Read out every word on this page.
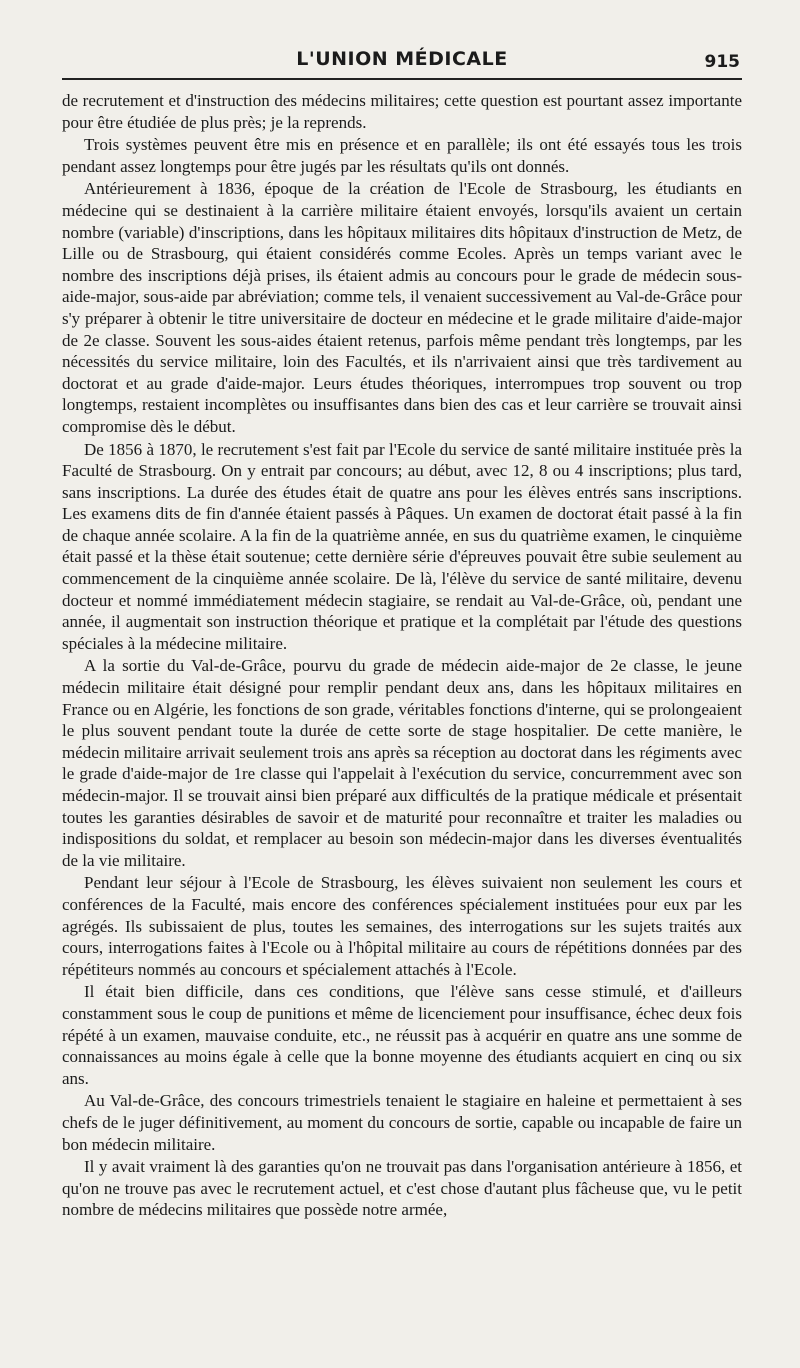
L'UNION MÉDICALE	915

de recrutement et d'instruction des médecins militaires; cette question est pourtant assez importante pour être étudiée de plus près; je la reprends.

Trois systèmes peuvent être mis en présence et en parallèle; ils ont été essayés tous les trois pendant assez longtemps pour être jugés par les résultats qu'ils ont donnés.

Antérieurement à 1836, époque de la création de l'Ecole de Strasbourg, les étudiants en médecine qui se destinaient à la carrière militaire étaient envoyés, lorsqu'ils avaient un certain nombre (variable) d'inscriptions, dans les hôpitaux militaires dits hôpitaux d'instruction de Metz, de Lille ou de Strasbourg, qui étaient considérés comme Ecoles. Après un temps variant avec le nombre des inscriptions déjà prises, ils étaient admis au concours pour le grade de médecin sous-aide-major, sous-aide par abréviation; comme tels, il venaient successivement au Val-de-Grâce pour s'y préparer à obtenir le titre universitaire de docteur en médecine et le grade militaire d'aide-major de 2e classe. Souvent les sous-aides étaient retenus, parfois même pendant très longtemps, par les nécessités du service militaire, loin des Facultés, et ils n'arrivaient ainsi que très tardivement au doctorat et au grade d'aide-major. Leurs études théoriques, interrompues trop souvent ou trop longtemps, restaient incomplètes ou insuffisantes dans bien des cas et leur carrière se trouvait ainsi compromise dès le début.

De 1856 à 1870, le recrutement s'est fait par l'Ecole du service de santé militaire instituée près la Faculté de Strasbourg. On y entrait par concours; au début, avec 12, 8 ou 4 inscriptions; plus tard, sans inscriptions. La durée des études était de quatre ans pour les élèves entrés sans inscriptions. Les examens dits de fin d'année étaient passés à Pâques. Un examen de doctorat était passé à la fin de chaque année scolaire. A la fin de la quatrième année, en sus du quatrième examen, le cinquième était passé et la thèse était soutenue; cette dernière série d'épreuves pouvait être subie seulement au commencement de la cinquième année scolaire. De là, l'élève du service de santé militaire, devenu docteur et nommé immédiatement médecin stagiaire, se rendait au Val-de-Grâce, où, pendant une année, il augmentait son instruction théorique et pratique et la complétait par l'étude des questions spéciales à la médecine militaire.

A la sortie du Val-de-Grâce, pourvu du grade de médecin aide-major de 2e classe, le jeune médecin militaire était désigné pour remplir pendant deux ans, dans les hôpitaux militaires en France ou en Algérie, les fonctions de son grade, véritables fonctions d'interne, qui se prolongeaient le plus souvent pendant toute la durée de cette sorte de stage hospitalier. De cette manière, le médecin militaire arrivait seulement trois ans après sa réception au doctorat dans les régiments avec le grade d'aide-major de 1re classe qui l'appelait à l'exécution du service, concurremment avec son médecin-major. Il se trouvait ainsi bien préparé aux difficultés de la pratique médicale et présentait toutes les garanties désirables de savoir et de maturité pour reconnaître et traiter les maladies ou indispositions du soldat, et remplacer au besoin son médecin-major dans les diverses éventualités de la vie militaire.

Pendant leur séjour à l'Ecole de Strasbourg, les élèves suivaient non seulement les cours et conférences de la Faculté, mais encore des conférences spécialement instituées pour eux par les agrégés. Ils subissaient de plus, toutes les semaines, des interrogations sur les sujets traités aux cours, interrogations faites à l'Ecole ou à l'hôpital militaire au cours de répétitions données par des répétiteurs nommés au concours et spécialement attachés à l'Ecole.

Il était bien difficile, dans ces conditions, que l'élève sans cesse stimulé, et d'ailleurs constamment sous le coup de punitions et même de licenciement pour insuffisance, échec deux fois répété à un examen, mauvaise conduite, etc., ne réussit pas à acquérir en quatre ans une somme de connaissances au moins égale à celle que la bonne moyenne des étudiants acquiert en cinq ou six ans.

Au Val-de-Grâce, des concours trimestriels tenaient le stagiaire en haleine et permettaient à ses chefs de le juger définitivement, au moment du concours de sortie, capable ou incapable de faire un bon médecin militaire.

Il y avait vraiment là des garanties qu'on ne trouvait pas dans l'organisation antérieure à 1856, et qu'on ne trouve pas avec le recrutement actuel, et c'est chose d'autant plus fâcheuse que, vu le petit nombre de médecins militaires que possède notre armée,
